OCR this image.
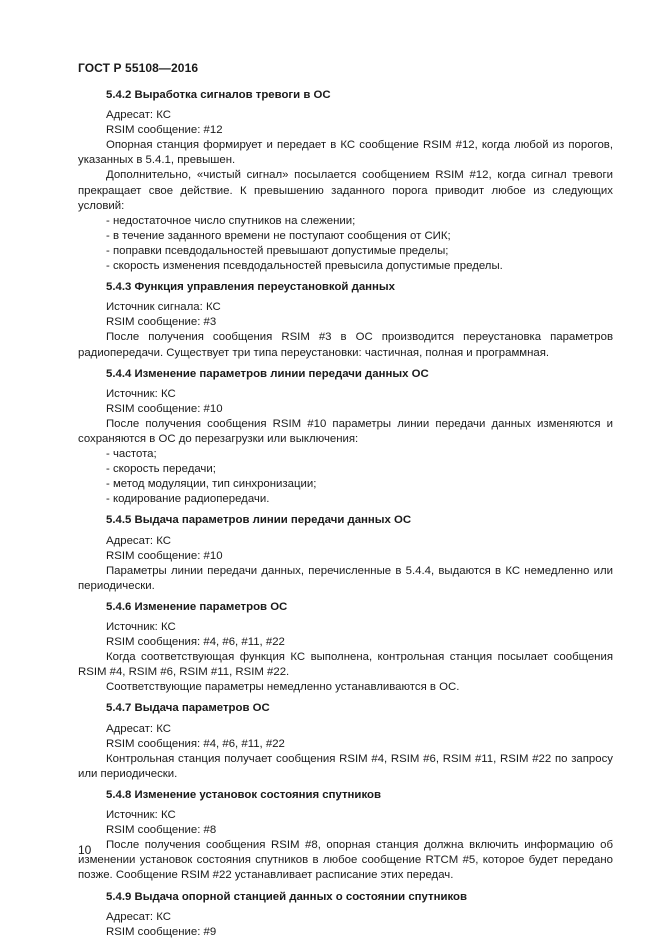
ГОСТ Р 55108—2016
5.4.2 Выработка сигналов тревоги в ОС
Адресат: КС
RSIM сообщение: #12
Опорная станция формирует и передает в КС сообщение RSIM #12, когда любой из порогов, указанных в 5.4.1, превышен.
Дополнительно, «чистый сигнал» посылается сообщением RSIM #12, когда сигнал тревоги прекращает свое действие. К превышению заданного порога приводит любое из следующих условий:
- недостаточное число спутников на слежении;
- в течение заданного времени не поступают сообщения от СИК;
- поправки псевдодальностей превышают допустимые пределы;
- скорость изменения псевдодальностей превысила допустимые пределы.
5.4.3 Функция управления переустановкой данных
Источник сигнала: КС
RSIM сообщение: #3
После получения сообщения RSIM #3 в ОС производится переустановка параметров радиопередачи. Существует три типа переустановки: частичная, полная и программная.
5.4.4 Изменение параметров линии передачи данных ОС
Источник: КС
RSIM сообщение: #10
После получения сообщения RSIM #10 параметры линии передачи данных изменяются и сохраняются в ОС до перезагрузки или выключения:
- частота;
- скорость передачи;
- метод модуляции, тип синхронизации;
- кодирование радиопередачи.
5.4.5 Выдача параметров линии передачи данных ОС
Адресат: КС
RSIM сообщение: #10
Параметры линии передачи данных, перечисленные в 5.4.4, выдаются в КС немедленно или периодически.
5.4.6 Изменение параметров ОС
Источник: КС
RSIM сообщения: #4, #6, #11, #22
Когда соответствующая функция КС выполнена, контрольная станция посылает сообщения RSIM #4, RSIM #6, RSIM #11, RSIM #22.
Соответствующие параметры немедленно устанавливаются в ОС.
5.4.7 Выдача параметров ОС
Адресат: КС
RSIM сообщения: #4, #6, #11, #22
Контрольная станция получает сообщения RSIM #4, RSIM #6, RSIM #11, RSIM #22 по запросу или периодически.
5.4.8 Изменение установок состояния спутников
Источник: КС
RSIM сообщение: #8
После получения сообщения RSIM #8, опорная станция должна включить информацию об изменении установок состояния спутников в любое сообщение RTCM #5, которое будет передано позже. Сообщение RSIM #22 устанавливает расписание этих передач.
5.4.9 Выдача опорной станцией данных о состоянии спутников
Адресат: КС
RSIM сообщение: #9
10
